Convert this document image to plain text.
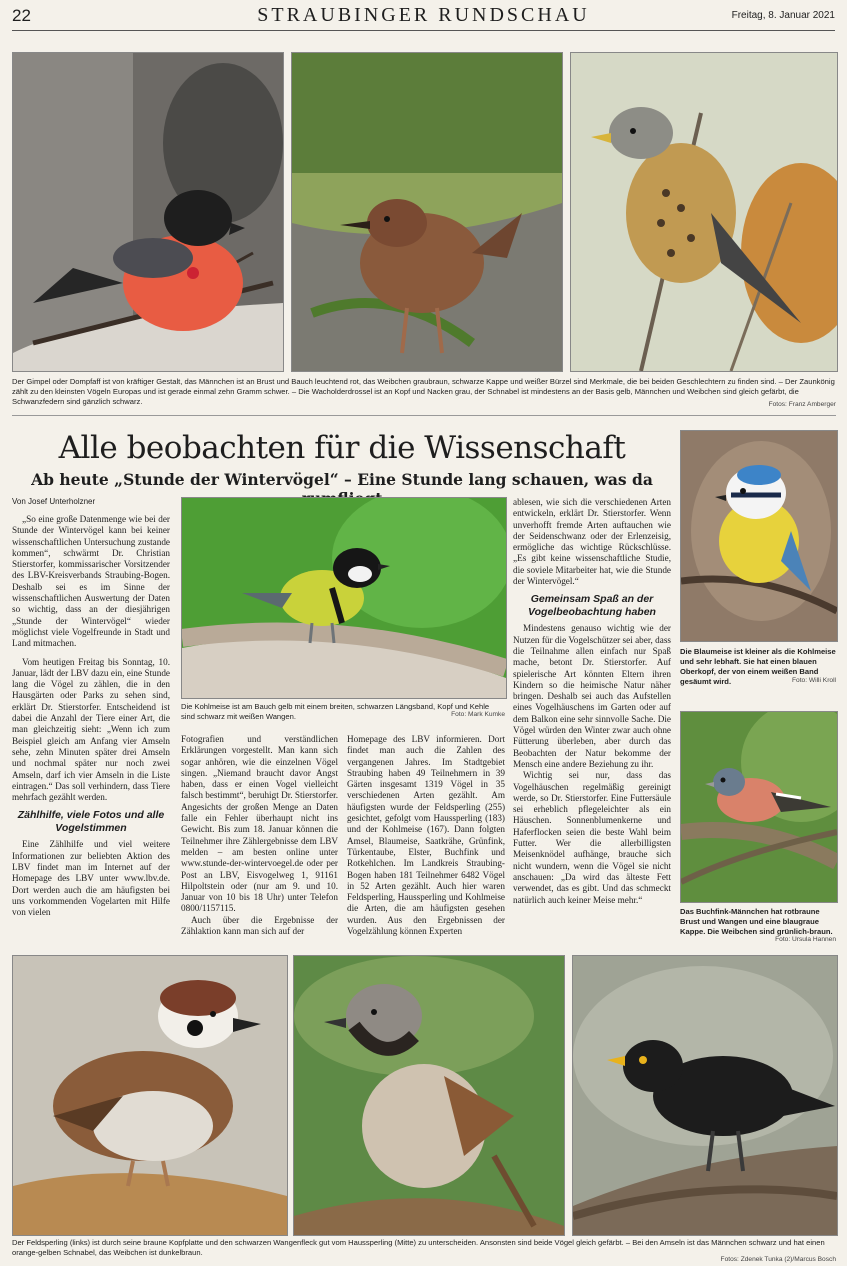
22	STRAUBINGER RUNDSCHAU	Freitag, 8. Januar 2021
Der Gimpel oder Dompfaff ist von kräftiger Gestalt, das Männchen ist an Brust und Bauch leuchtend rot, das Weibchen graubraun, schwarze Kappe und weißer Bürzel sind Merkmale, die bei beiden Geschlechtern zu finden sind. – Der Zaunkönig zählt zu den kleinsten Vögeln Europas und ist gerade einmal zehn Gramm schwer. – Die Wacholderdrossel ist an Kopf und Nacken grau, der Schnabel ist mindestens an der Basis gelb, Männchen und Weibchen sind gleich gefärbt, die Schwanzfedern sind gänzlich schwarz.	Fotos: Franz Amberger
Alle beobachten für die Wissenschaft
Ab heute „Stunde der Wintervögel“ – Eine Stunde lang schauen, was da
Von Josef Unterholzner

„So eine große Datenmenge wie bei der Stunde der Wintervögel kann bei keiner wissenschaftlichen Untersuchung zustande kommen“, schwärmt Dr. Christian Stierstorfer, kommissarischer Vorsitzender des LBV-Kreisverbands Straubing-Bogen. Deshalb sei es im Sinne der wissenschaftlichen Auswertung der Daten so wichtig, dass an der diesjährigen „Stunde der Wintervögel“ wieder möglichst viele Vogelfreunde in Stadt und Land mitmachen.

Vom heutigen Freitag bis Sonntag, 10. Januar, lädt der LBV dazu ein, eine Stunde lang die Vögel zu zählen, die in den Hausgärten oder Parks zu sehen sind, erklärt Dr. Stierstorfer. Entscheidend ist dabei die Anzahl der Tiere einer Art, die man gleichzeitig sieht: „Wenn ich zum Beispiel gleich am Anfang vier Amseln sehe, zehn Minuten später drei Amseln und nochmal später nur noch zwei Amseln, darf ich vier Amseln in die Liste eintragen.“ Das soll verhindern, dass Tiere mehrfach gezählt werden.

Zählhilfe, viele Fotos und alle Vogelstimmen

Eine Zählhilfe und viel weitere Informationen zur beliebten Aktion des LBV findet man im Internet auf der Homepage des LBV unter www.lbv.de. Dort werden auch die am häufigsten bei uns vorkommenden Vogelarten mit Hilfe von vielen

Die Kohlmeise ist am Bauch gelb mit einem breiten, schwarzen Längsband, Kopf und Kehle sind schwarz mit weißen Wangen.	Foto: Mark Kumke

Fotografien und verständlichen Erklärungen vorgestellt. Man kann sich sogar anhören, wie die einzelnen Vögel singen. „Niemand braucht davor Angst haben, dass er einen Vogel vielleicht falsch bestimmt“, beruhigt Dr. Stierstorfer. Angesichts der großen Menge an Daten falle ein Fehler überhaupt nicht ins Gewicht. Bis zum 18. Januar können die Teilnehmer ihre Zählergebnisse dem LBV melden – am besten online unter www.stunde-der-wintervoegel.de oder per Post an LBV, Eisvogelweg 1, 91161 Hilpoltstein oder (nur am 9. und 10. Januar von 10 bis 18 Uhr) unter Telefon 0800/1157115.

Auch über die Ergebnisse der Zählaktion kann man sich auf der

Homepage des LBV informieren. Dort findet man auch die Zahlen des vergangenen Jahres. Im Stadtgebiet Straubing haben 49 Teilnehmern in 39 Gärten insgesamt 1319 Vögel in 35 verschiedenen Arten gezählt. Am häufigsten wurde der Feldsperling (255) gesichtet, gefolgt vom Haussperling (183) und der Kohlmeise (167). Dann folgten Amsel, Blaumeise, Saatkrähe, Grünfink, Türkentaube, Elster, Buchfink und Rotkehlchen. Im Landkreis Straubing-Bogen haben 181 Teilnehmer 6482 Vögel in 52 Arten gezählt. Auch hier waren Feldsperling, Haussperling und Kohlmeise die Arten, die am häufigsten gesehen wurden. Aus den Ergebnissen der Vogelzählung können Experten

ablesen, wie sich die verschiedenen Arten entwickeln, erklärt Dr. Stierstorfer. Wenn unverhofft fremde Arten auftauchen wie der Seidenschwanz oder der Erlenzeisig, ermögliche das wichtige Rückschlüsse. „Es gibt keine wissenschaftliche Studie, die soviele Mitarbeiter hat, wie die Stunde der Wintervögel.“

Gemeinsam Spaß an der Vogelbeobachtung haben

Mindestens genauso wichtig wie der Nutzen für die Vogelschützer sei aber, dass die Teilnahme allen einfach nur Spaß mache, betont Dr. Stierstorfer. Auf spielerische Art könnten Eltern ihren Kindern so die heimische Natur näher bringen. Deshalb sei auch das Aufstellen eines Vogelhäuschens im Garten oder auf dem Balkon eine sehr sinnvolle Sache. Die Vögel würden den Winter zwar auch ohne Fütterung überleben, aber durch das Beobachten der Natur bekomme der Mensch eine andere Beziehung zu ihr.

Wichtig sei nur, dass das Vogelhäuschen regelmäßig gereinigt werde, so Dr. Stierstorfer. Eine Futtersäule sei erheblich pflegeleichter als ein Häuschen. Sonnenblumenkerne und Haferflocken seien die beste Wahl beim Futter. Wer die allerbilligsten Meisenknödel aufhänge, brauche sich nicht wundern, wenn die Vögel sie nicht anschauen: „Da wird das älteste Fett verwendet, das es gibt. Und das schmeckt natürlich auch keiner Meise mehr.“

Die Blaumeise ist kleiner als die Kohlmeise und sehr lebhaft. Sie hat einen blauen Oberkopf, der von einem weißen Band gesäumt wird.	Foto: Willi Kroll
Das Buchfink-Männchen hat rotbraune Brust und Wangen und eine blaugraue Kappe. Die Weibchen sind grünlich-braun.
Foto: Ursula Hannen
Der Feldsperling (links) ist durch seine braune Kopfplatte und den schwarzen Wangenfleck gut vom Haussperling (Mitte) zu unterscheiden. Ansonsten sind beide Vögel gleich gefärbt. – Bei den Amseln ist das Männchen schwarz und hat einen orange-gelben Schnabel, das Weibchen ist dunkelbraun.
Fotos: Zdenek Tunka (2)/Marcus Bosch
